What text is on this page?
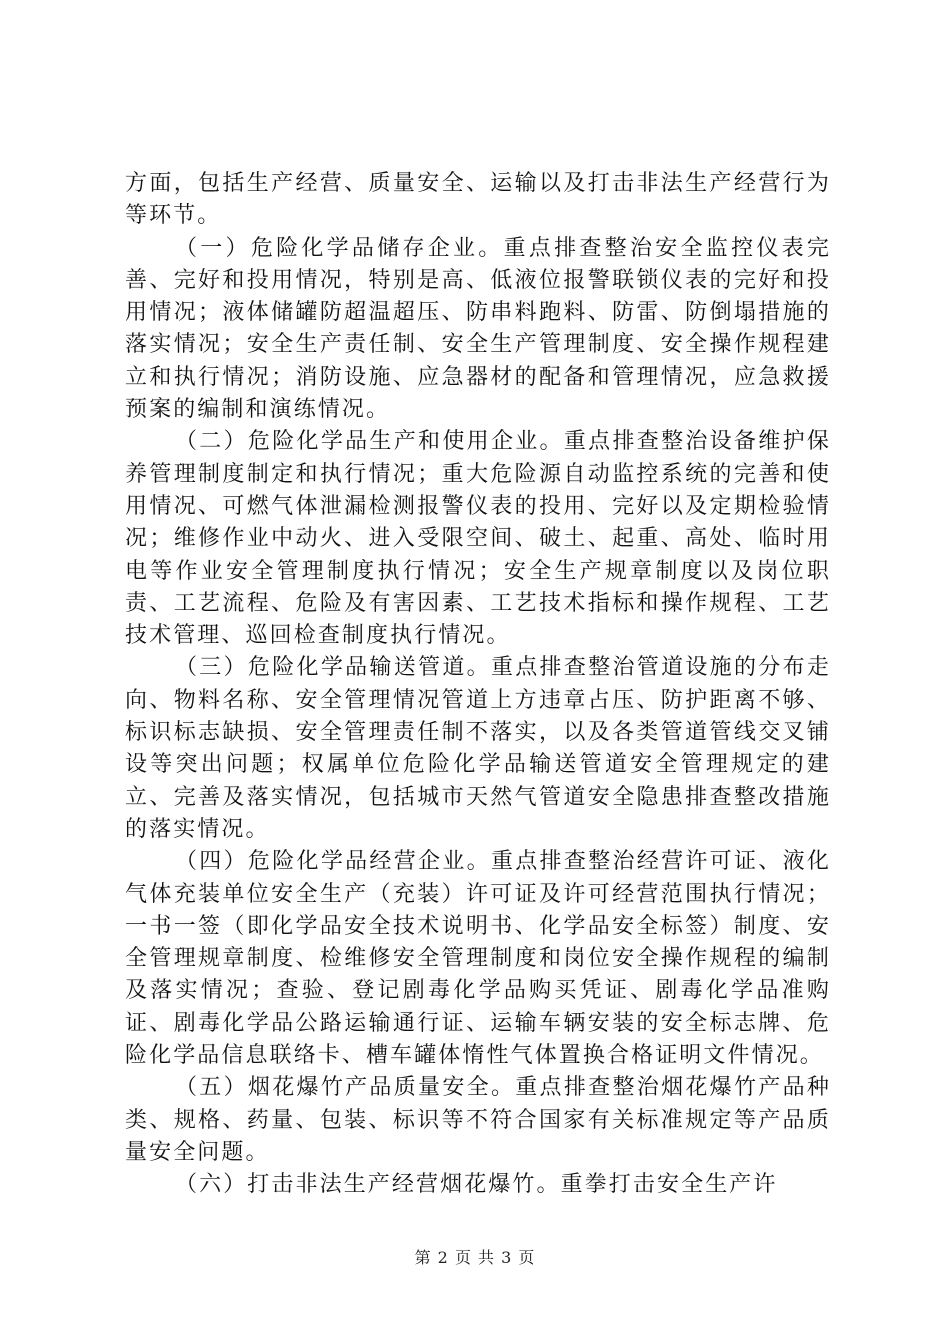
方面，包括生产经营、质量安全、运输以及打击非法生产经营行为等环节。

（一）危险化学品储存企业。重点排查整治安全监控仪表完善、完好和投用情况，特别是高、低液位报警联锁仪表的完好和投用情况；液体储罐防超温超压、防串料跑料、防雷、防倒塌措施的落实情况；安全生产责任制、安全生产管理制度、安全操作规程建立和执行情况；消防设施、应急器材的配备和管理情况，应急救援预案的编制和演练情况。

（二）危险化学品生产和使用企业。重点排查整治设备维护保养管理制度制定和执行情况；重大危险源自动监控系统的完善和使用情况、可燃气体泄漏检测报警仪表的投用、完好以及定期检验情况；维修作业中动火、进入受限空间、破土、起重、高处、临时用电等作业安全管理制度执行情况；安全生产规章制度以及岗位职责、工艺流程、危险及有害因素、工艺技术指标和操作规程、工艺技术管理、巡回检查制度执行情况。

（三）危险化学品输送管道。重点排查整治管道设施的分布走向、物料名称、安全管理情况管道上方违章占压、防护距离不够、标识标志缺损、安全管理责任制不落实，以及各类管道管线交叉铺设等突出问题；权属单位危险化学品输送管道安全管理规定的建立、完善及落实情况，包括城市天然气管道安全隐患排查整改措施的落实情况。

（四）危险化学品经营企业。重点排查整治经营许可证、液化气体充装单位安全生产（充装）许可证及许可经营范围执行情况；一书一签（即化学品安全技术说明书、化学品安全标签）制度、安全管理规章制度、检维修安全管理制度和岗位安全操作规程的编制及落实情况；查验、登记剧毒化学品购买凭证、剧毒化学品准购证、剧毒化学品公路运输通行证、运输车辆安装的安全标志牌、危险化学品信息联络卡、槽车罐体惰性气体置换合格证明文件情况。

（五）烟花爆竹产品质量安全。重点排查整治烟花爆竹产品种类、规格、药量、包装、标识等不符合国家有关标准规定等产品质量安全问题。

（六）打击非法生产经营烟花爆竹。重拳打击安全生产许

第 2 页 共 3 页
